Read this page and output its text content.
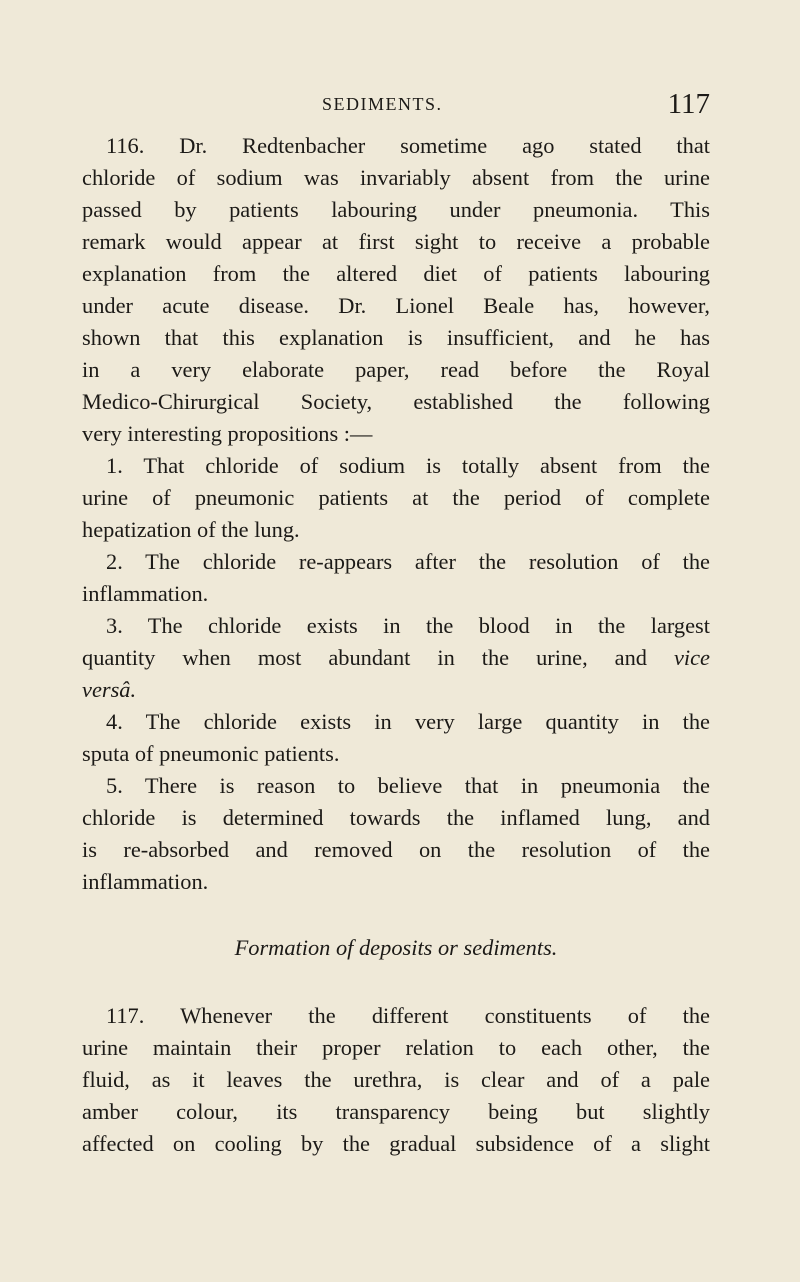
SEDIMENTS.	117
116. Dr. Redtenbacher sometime ago stated that
chloride of sodium was invariably absent from the urine
passed by patients labouring under pneumonia. This
remark would appear at first sight to receive a probable
explanation from the altered diet of patients labouring
under acute disease. Dr. Lionel Beale has, however,
shown that this explanation is insufficient, and he has
in a very elaborate paper, read before the Royal
Medico-Chirurgical Society, established the following
very interesting propositions :—
1. That chloride of sodium is totally absent from the
urine of pneumonic patients at the period of complete
hepatization of the lung.
2. The chloride re-appears after the resolution of the
inflammation.
3. The chloride exists in the blood in the largest
quantity when most abundant in the urine, and vice
versâ.
4. The chloride exists in very large quantity in the
sputa of pneumonic patients.
5. There is reason to believe that in pneumonia the
chloride is determined towards the inflamed lung, and
is re-absorbed and removed on the resolution of the
inflammation.
Formation of deposits or sediments.
117. Whenever the different constituents of the
urine maintain their proper relation to each other, the
fluid, as it leaves the urethra, is clear and of a pale
amber colour, its transparency being but slightly
affected on cooling by the gradual subsidence of a slight
